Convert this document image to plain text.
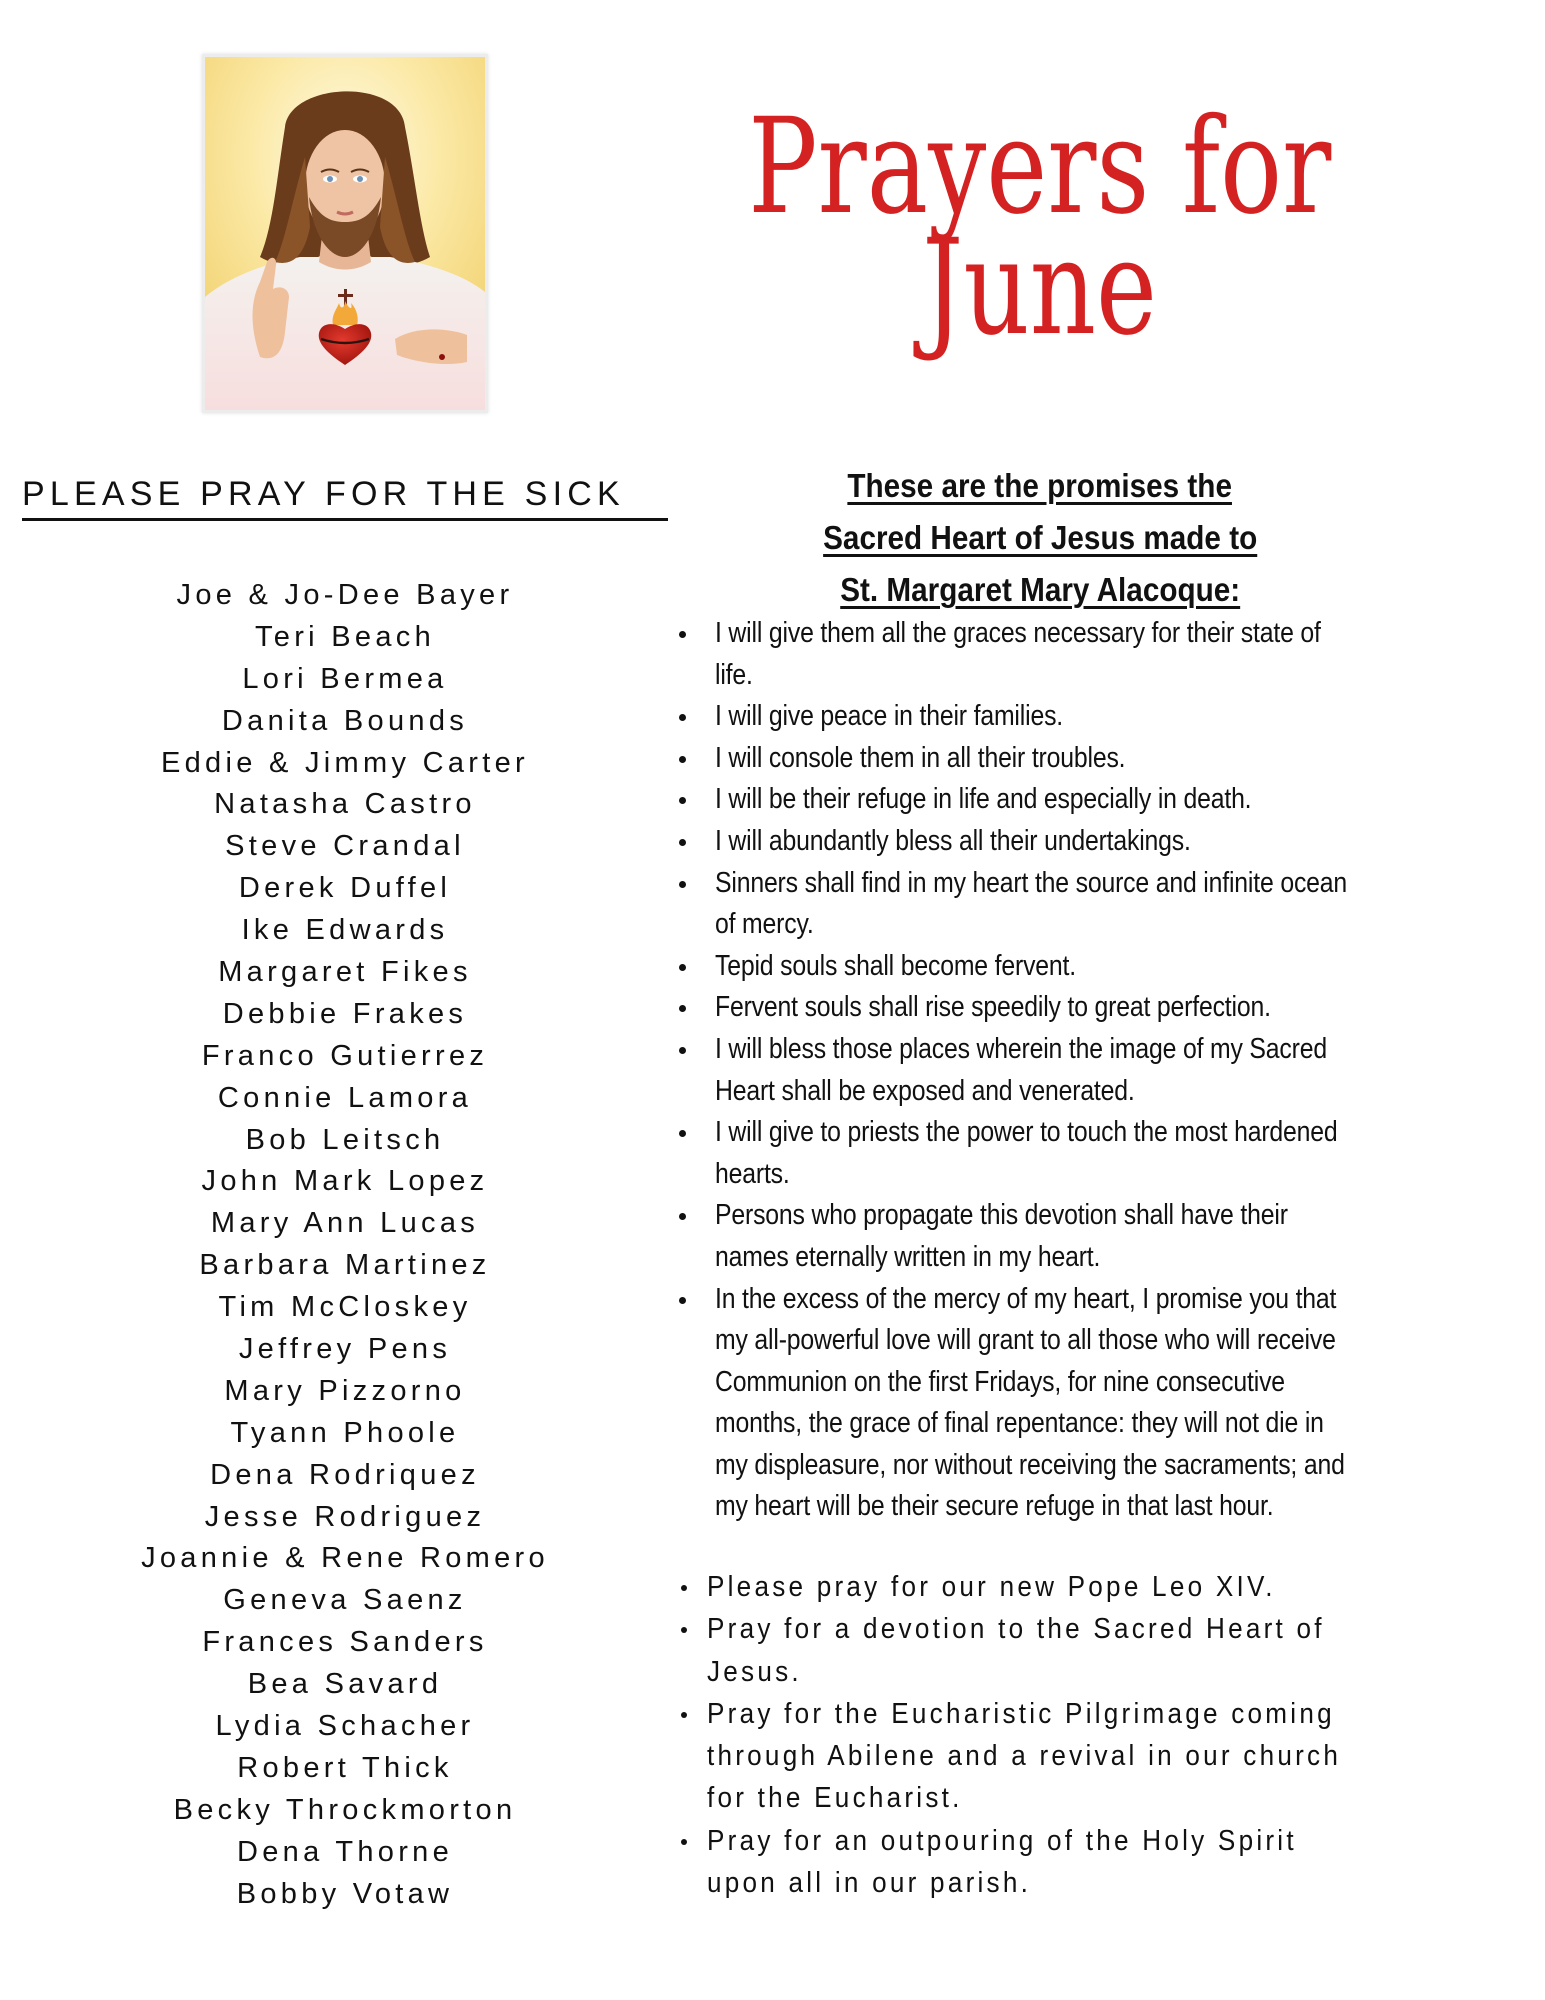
Prayers for
June
PLEASE PRAY FOR THE SICK
Joe & Jo-Dee Bayer
Teri Beach
Lori Bermea
Danita Bounds
Eddie & Jimmy Carter
Natasha Castro
Steve Crandal
Derek Duffel
Ike Edwards
Margaret Fikes
Debbie Frakes
Franco Gutierrez
Connie Lamora
Bob Leitsch
John Mark Lopez
Mary Ann Lucas
Barbara Martinez
Tim McCloskey
Jeffrey Pens
Mary Pizzorno
Tyann Phoole
Dena Rodriquez
Jesse Rodriguez
Joannie & Rene Romero
Geneva Saenz
Frances Sanders
Bea Savard
Lydia Schacher
Robert Thick
Becky Throckmorton
Dena Thorne
Bobby Votaw
These are the promises the
Sacred Heart of Jesus made to
St. Margaret Mary Alacoque:
I will give them all the graces necessary for their state of
life.
I will give peace in their families.
I will console them in all their troubles.
I will be their refuge in life and especially in death.
I will abundantly bless all their undertakings.
Sinners shall find in my heart the source and infinite ocean
of mercy.
Tepid souls shall become fervent.
Fervent souls shall rise speedily to great perfection.
I will bless those places wherein the image of my Sacred
Heart shall be exposed and venerated.
I will give to priests the power to touch the most hardened
hearts.
Persons who propagate this devotion shall have their
names eternally written in my heart.
In the excess of the mercy of my heart, I promise you that
my all-powerful love will grant to all those who will receive
Communion on the first Fridays, for nine consecutive
months, the grace of final repentance: they will not die in
my displeasure, nor without receiving the sacraments; and
my heart will be their secure refuge in that last hour.
Please pray for our new Pope Leo XIV.
Pray for a devotion to the Sacred Heart of
Jesus.
Pray for the Eucharistic Pilgrimage coming
through Abilene and a revival in our church
for the Eucharist.
Pray for an outpouring of the Holy Spirit
upon all in our parish.
